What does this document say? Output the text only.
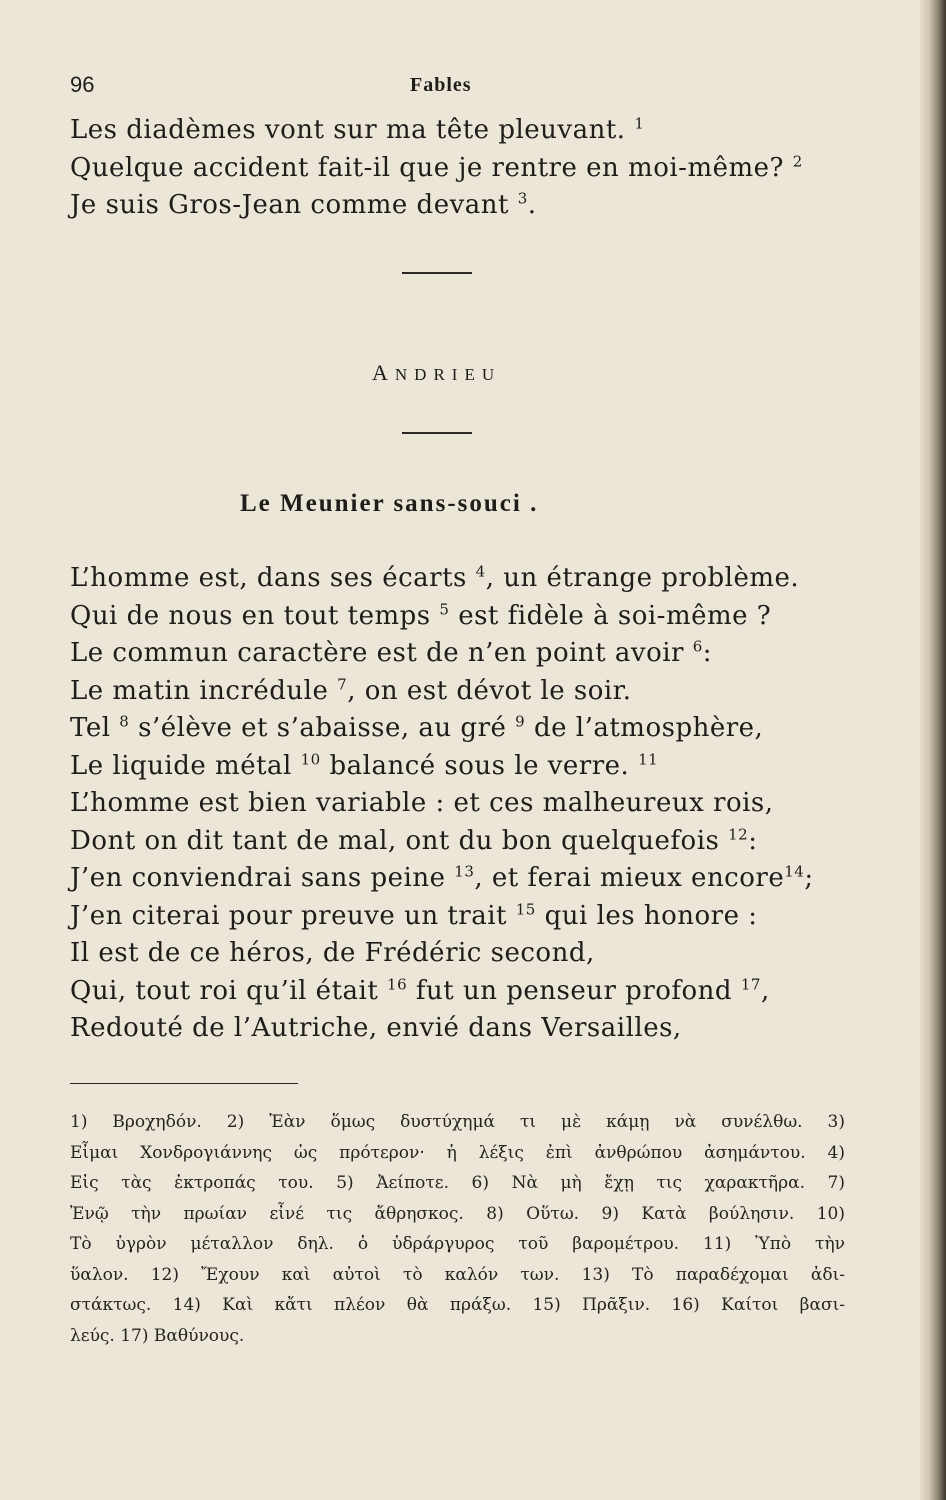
96	Fables
Les diadèmes vont sur ma tête pleuvant. $^1$
Quelque accident fait-il que je rentre en moi-même? $^2$
Je suis Gros-Jean comme devant $^3$.
ANDRIEU
Le Meunier sans-souci .
L’homme est, dans ses écarts $^4$, un étrange problème.
Qui de nous en tout temps $^5$ est fidèle à soi-même ?
Le commun caractère est de n’en point avoir $^6$:
Le matin incrédule $^7$, on est dévot le soir.
Tel $^8$ s’élève et s’abaisse, au gré $^9$ de l’atmosphère,
Le liquide métal $^{10}$ balancé sous le verre. $^{11}$
L’homme est bien variable : et ces malheureux rois,
Dont on dit tant de mal, ont du bon quelquefois $^{12}$:
J’en conviendrai sans peine $^{13}$, et ferai mieux encore$^{14}$;
J’en citerai pour preuve un trait $^{15}$ qui les honore :
Il est de ce héros, de Frédéric second,
Qui, tout roi qu’il était $^{16}$ fut un penseur profond $^{17}$,
Redouté de l’Autriche, envié dans Versailles,
1) Βροχηδόν. 2) Ἐὰν ὅμως δυστύχημά τι μὲ κάμῃ νὰ συνέλθω. 3)
Εἶμαι Χονδρογιάννης ὡς πρότερον· ἡ λέξις ἐπὶ ἀνθρώπου ἀσημάντου. 4)
Εἰς τὰς ἐκτροπάς του. 5) Ἀείποτε. 6) Νὰ μὴ ἔχῃ τις χαρακτῆρα. 7)
Ἐνῷ τὴν πρωίαν εἶνέ τις ἄθρησκος. 8) Οὕτω. 9) Κατὰ βούλησιν. 10)
Τὸ ὑγρὸν μέταλλον δηλ. ὁ ὑδράργυρος τοῦ βαρομέτρου. 11) Ὑπὸ τὴν
ὕαλον. 12) Ἔχουν καὶ αὐτοὶ τὸ καλόν των. 13) Τὸ παραδέχομαι ἀδι-
στάκτως. 14) Καὶ κἄτι πλέον θὰ πράξω. 15) Πρᾶξιν. 16) Καίτοι βασι-
λεύς. 17) Βαθύνους.
